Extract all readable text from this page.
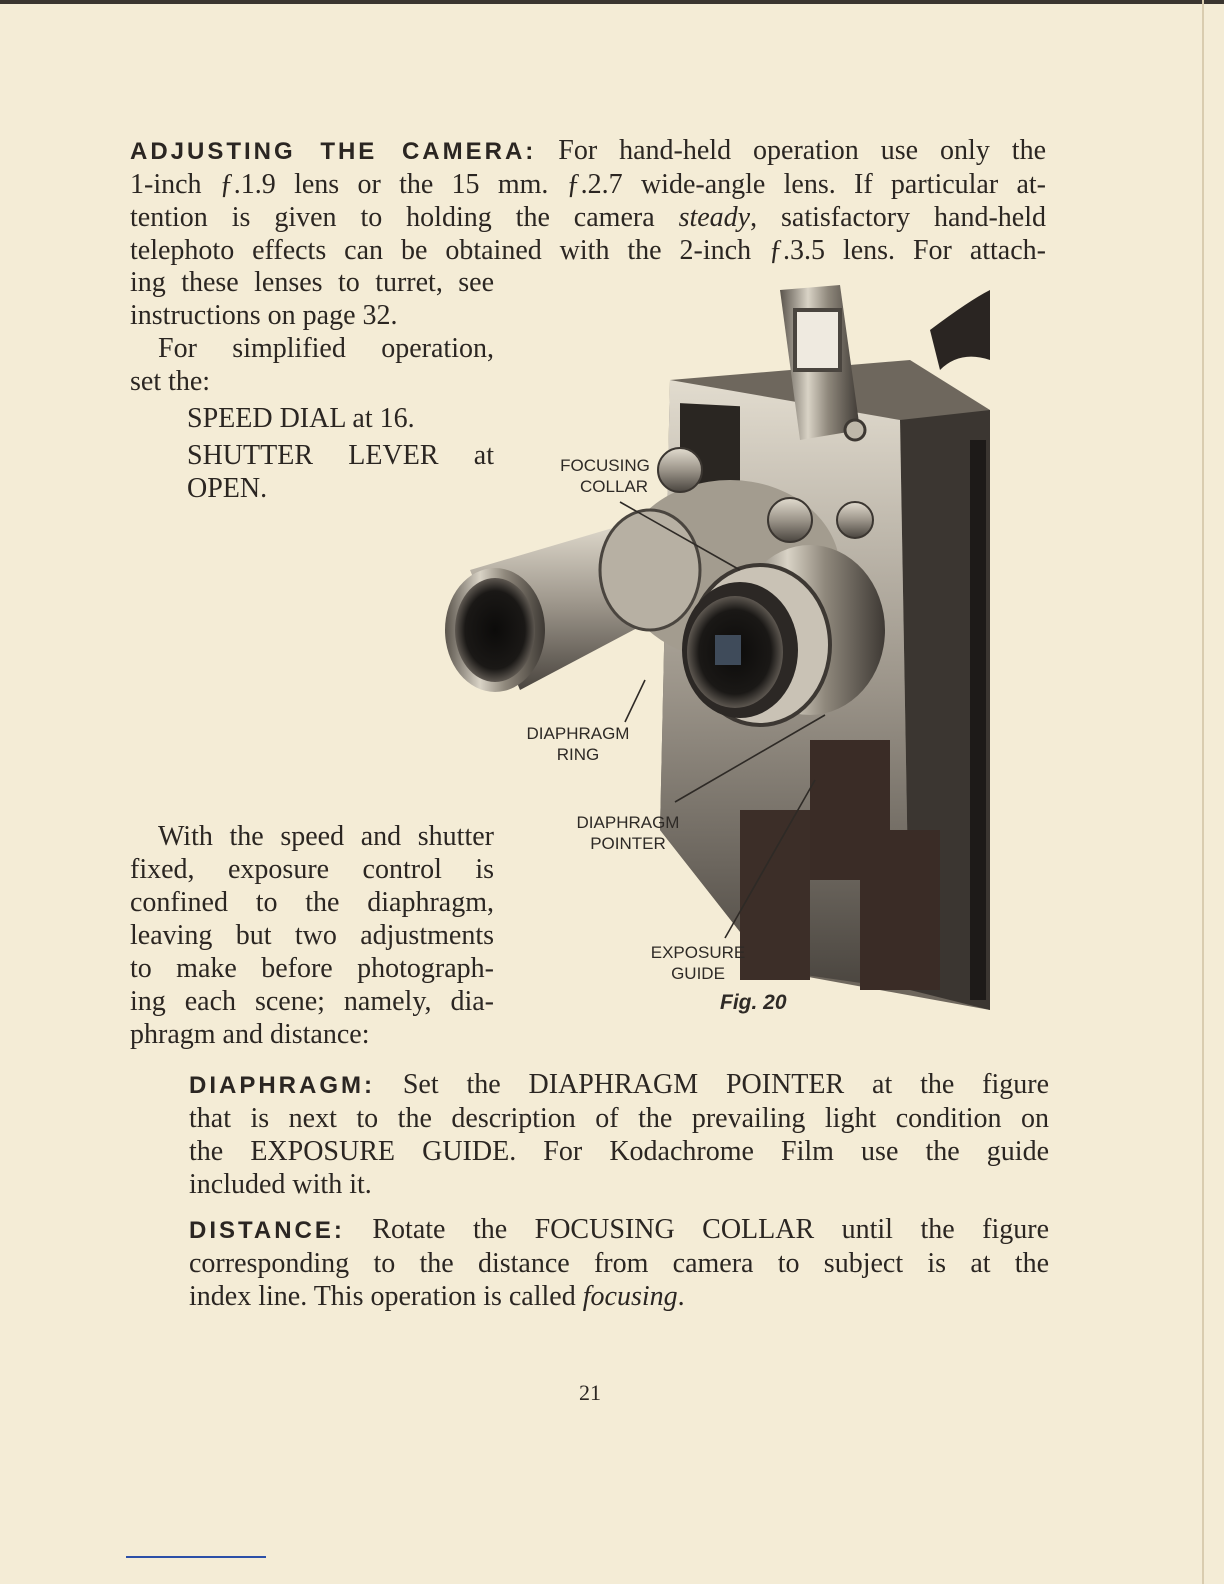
ADJUSTING THE CAMERA: For hand-held operation use only the
1-inch ƒ.1.9 lens or the 15 mm. ƒ.2.7 wide-angle lens. If particular at-
tention is given to holding the camera steady, satisfactory hand-held
telephoto effects can be obtained with the 2-inch ƒ.3.5 lens. For attach-
ing these lenses to turret, see
instructions on page 32.
For simplified operation,
set the:
SPEED DIAL at 16.
SHUTTER LEVER at
OPEN.
With the speed and shutter
fixed, exposure control is
confined to the diaphragm,
leaving but two adjustments
to make before photograph-
ing each scene; namely, dia-
phragm and distance:
FOCUSING
COLLAR
DIAPHRAGM
RING
DIAPHRAGM
POINTER
EXPOSURE
GUIDE
Fig. 20
DIAPHRAGM: Set the DIAPHRAGM POINTER at the figure
that is next to the description of the prevailing light condition on
the EXPOSURE GUIDE. For Kodachrome Film use the guide
included with it.
DISTANCE: Rotate the FOCUSING COLLAR until the figure
corresponding to the distance from camera to subject is at the
index line. This operation is called focusing.
21
